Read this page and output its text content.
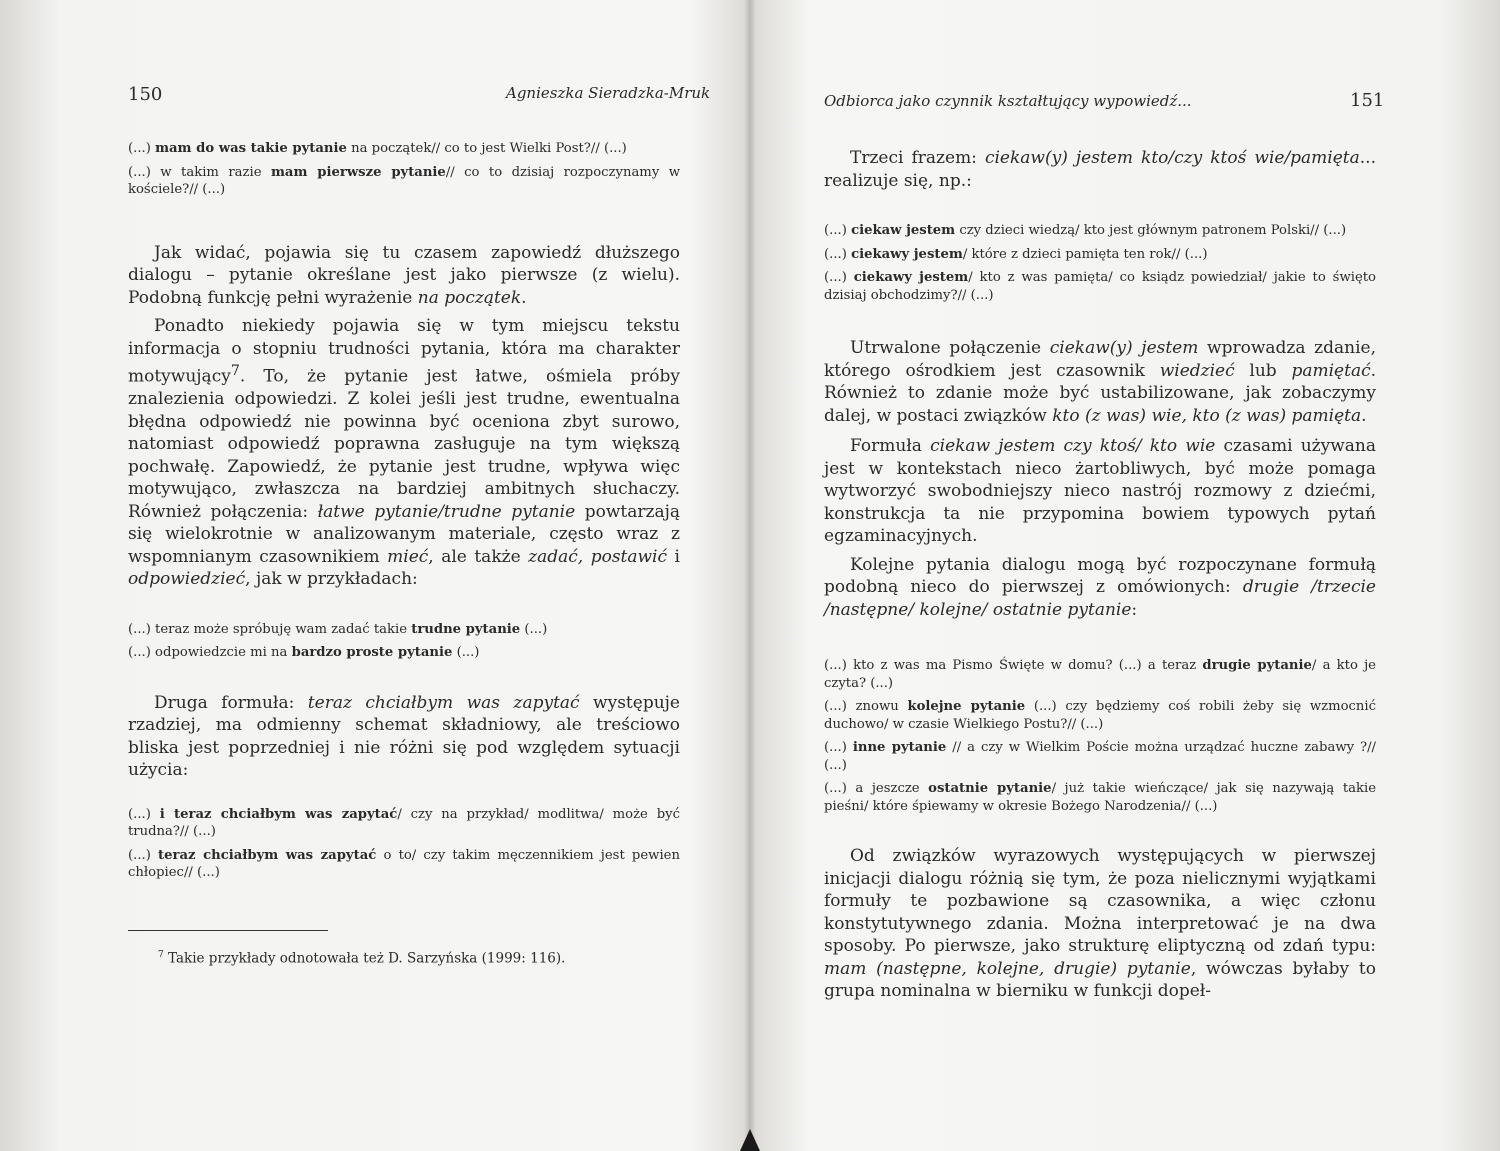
150	Agnieszka Sieradzka-Mruk

(...) mam do was takie pytanie na początek// co to jest Wielki Post?// (...)

(...) w takim razie mam pierwsze pytanie// co to dzisiaj rozpoczynamy w kościele?// (...)

Jak widać, pojawia się tu czasem zapowiedź dłuższego dialogu – pytanie określane jest jako pierwsze (z wielu). Podobną funkcję pełni wyrażenie na początek.

Ponadto niekiedy pojawia się w tym miejscu tekstu informacja o stopniu trudności pytania, która ma charakter motywujący$^7$. To, że pytanie jest łatwe, ośmiela próby znalezienia odpowiedzi. Z kolei jeśli jest trudne, ewentualna błędna odpowiedź nie powinna być oceniona zbyt surowo, natomiast odpowiedź poprawna zasługuje na tym większą pochwałę. Zapowiedź, że pytanie jest trudne, wpływa więc motywująco, zwłaszcza na bardziej ambitnych słuchaczy. Również połączenia: łatwe pytanie/trudne pytanie powtarzają się wielokrotnie w analizowanym materiale, często wraz z wspomnianym czasownikiem mieć, ale także zadać, postawić i odpowiedzieć, jak w przykładach:

(...) teraz może spróbuję wam zadać takie trudne pytanie (...)

(...) odpowiedzcie mi na bardzo proste pytanie (...)

Druga formuła: teraz chciałbym was zapytać występuje rzadziej, ma odmienny schemat składniowy, ale treściowo bliska jest poprzedniej i nie różni się pod względem sytuacji użycia:

(...) i teraz chciałbym was zapytać/ czy na przykład/ modlitwa/ może być trudna?// (...)

(...) teraz chciałbym was zapytać o to/ czy takim męczennikiem jest pewien chłopiec// (...)

$^7$ Takie przykłady odnotowała też D. Sarzyńska (1999: 116).
Odbiorca jako czynnik kształtujący wypowiedź...	151

Trzeci frazem: ciekaw(y) jestem kto/czy ktoś wie/pamięta... realizuje się, np.:

(...) ciekaw jestem czy dzieci wiedzą/ kto jest głównym patronem Polski// (...)

(...) ciekawy jestem/ które z dzieci pamięta ten rok// (...)

(...) ciekawy jestem/ kto z was pamięta/ co ksiądz powiedział/ jakie to święto dzisiaj obchodzimy?// (...)

Utrwalone połączenie ciekaw(y) jestem wprowadza zdanie, którego ośrodkiem jest czasownik wiedzieć lub pamiętać. Również to zdanie może być ustabilizowane, jak zobaczymy dalej, w postaci związków kto (z was) wie, kto (z was) pamięta.

Formuła ciekaw jestem czy ktoś/ kto wie czasami używana jest w kontekstach nieco żartobliwych, być może pomaga wytworzyć swobodniejszy nieco nastrój rozmowy z dziećmi, konstrukcja ta nie przypomina bowiem typowych pytań egzaminacyjnych.

Kolejne pytania dialogu mogą być rozpoczynane formułą podobną nieco do pierwszej z omówionych: drugie /trzecie /następne/ kolejne/ ostatnie pytanie:

(...) kto z was ma Pismo Święte w domu? (...) a teraz drugie pytanie/ a kto je czyta? (...)

(...) znowu kolejne pytanie (...) czy będziemy coś robili żeby się wzmocnić duchowo/ w czasie Wielkiego Postu?// (...)

(...) inne pytanie // a czy w Wielkim Poście można urządzać huczne zabawy ?// (...)

(...) a jeszcze ostatnie pytanie/ już takie wieńczące/ jak się nazywają takie pieśni/ które śpiewamy w okresie Bożego Narodzenia// (...)

Od związków wyrazowych występujących w pierwszej inicjacji dialogu różnią się tym, że poza nielicznymi wyjątkami formuły te pozbawione są czasownika, a więc członu konstytutywnego zdania. Można interpretować je na dwa sposoby. Po pierwsze, jako strukturę eliptyczną od zdań typu: mam (następne, kolejne, drugie) pytanie, wówczas byłaby to grupa nominalna w bierniku w funkcji dopeł-
